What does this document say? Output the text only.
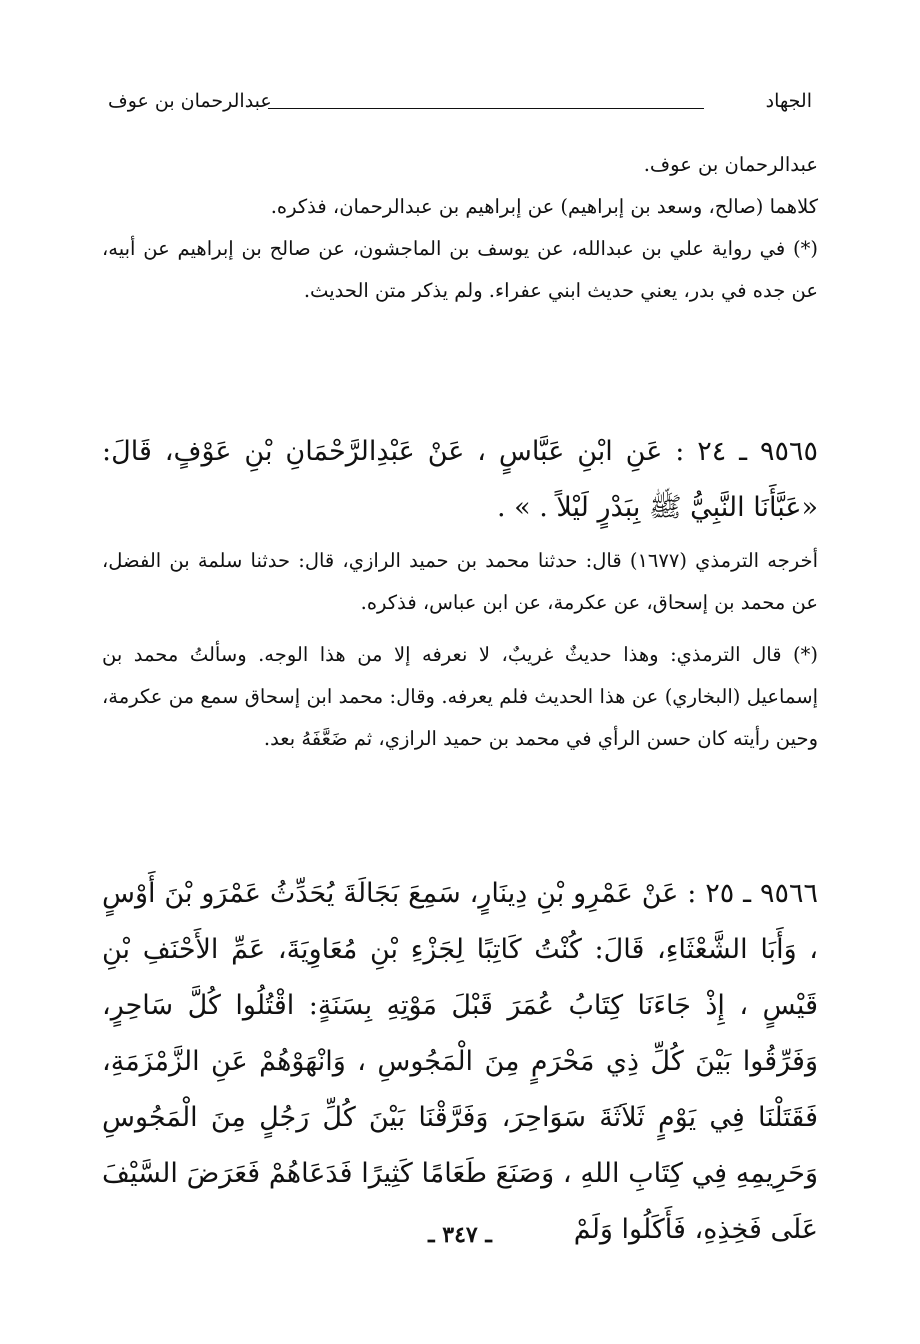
الجهاد
عبدالرحمان بن عوف
عبدالرحمان بن عوف.
كلاهما (صالح، وسعد بن إبراهيم) عن إبراهيم بن عبدالرحمان، فذكره.
(*) في رواية علي بن عبدالله، عن يوسف بن الماجشون، عن صالح بن إبراهيم عن أبيه، عن جده في بدر، يعني حديث ابني عفراء. ولم يذكر متن الحديث.
٩٥٦٥ ـ ٢٤ : عَنِ ابْنِ عَبَّاسٍ ، عَنْ عَبْدِالرَّحْمَانِ بْنِ عَوْفٍ، قَالَ: «عَبَّأَنَا النَّبِيُّ ﷺ بِبَدْرٍ لَيْلاً . » .
أخرجه الترمذي (١٦٧٧) قال: حدثنا محمد بن حميد الرازي، قال: حدثنا سلمة بن الفضل، عن محمد بن إسحاق، عن عكرمة، عن ابن عباس، فذكره.
(*) قال الترمذي: وهذا حديثٌ غريبٌ، لا نعرفه إلا من هذا الوجه. وسألتُ محمد بن إسماعيل (البخاري) عن هذا الحديث فلم يعرفه. وقال: محمد ابن إسحاق سمع من عكرمة، وحين رأيته كان حسن الرأي في محمد بن حميد الرازي، ثم ضَعَّفَهُ بعد.
٩٥٦٦ ـ ٢٥ : عَنْ عَمْرِو بْنِ دِينَارٍ، سَمِعَ بَجَالَةَ يُحَدِّثُ عَمْرَو بْنَ أَوْسٍ ، وَأَبَا الشَّعْثَاءِ، قَالَ: كُنْتُ كَاتِبًا لِجَزْءِ بْنِ مُعَاوِيَةَ، عَمِّ الأَحْنَفِ بْنِ قَيْسٍ ، إِذْ جَاءَنَا كِتَابُ عُمَرَ قَبْلَ مَوْتِهِ بِسَنَةٍ: اقْتُلُوا كُلَّ سَاحِرٍ، وَفَرِّقُوا بَيْنَ كُلِّ ذِي مَحْرَمٍ مِنَ الْمَجُوسِ ، وَانْهَوْهُمْ عَنِ الزَّمْزَمَةِ، فَقَتَلْنَا فِي يَوْمٍ ثَلاَثَةَ سَوَاحِرَ، وَفَرَّقْنَا بَيْنَ كُلِّ رَجُلٍ مِنَ الْمَجُوسِ وَحَرِيمِهِ فِي كِتَابِ اللهِ ، وَصَنَعَ طَعَامًا كَثِيرًا فَدَعَاهُمْ فَعَرَضَ السَّيْفَ عَلَى فَخِذِهِ، فَأَكَلُوا وَلَمْ
ـ ٣٤٧ ـ
